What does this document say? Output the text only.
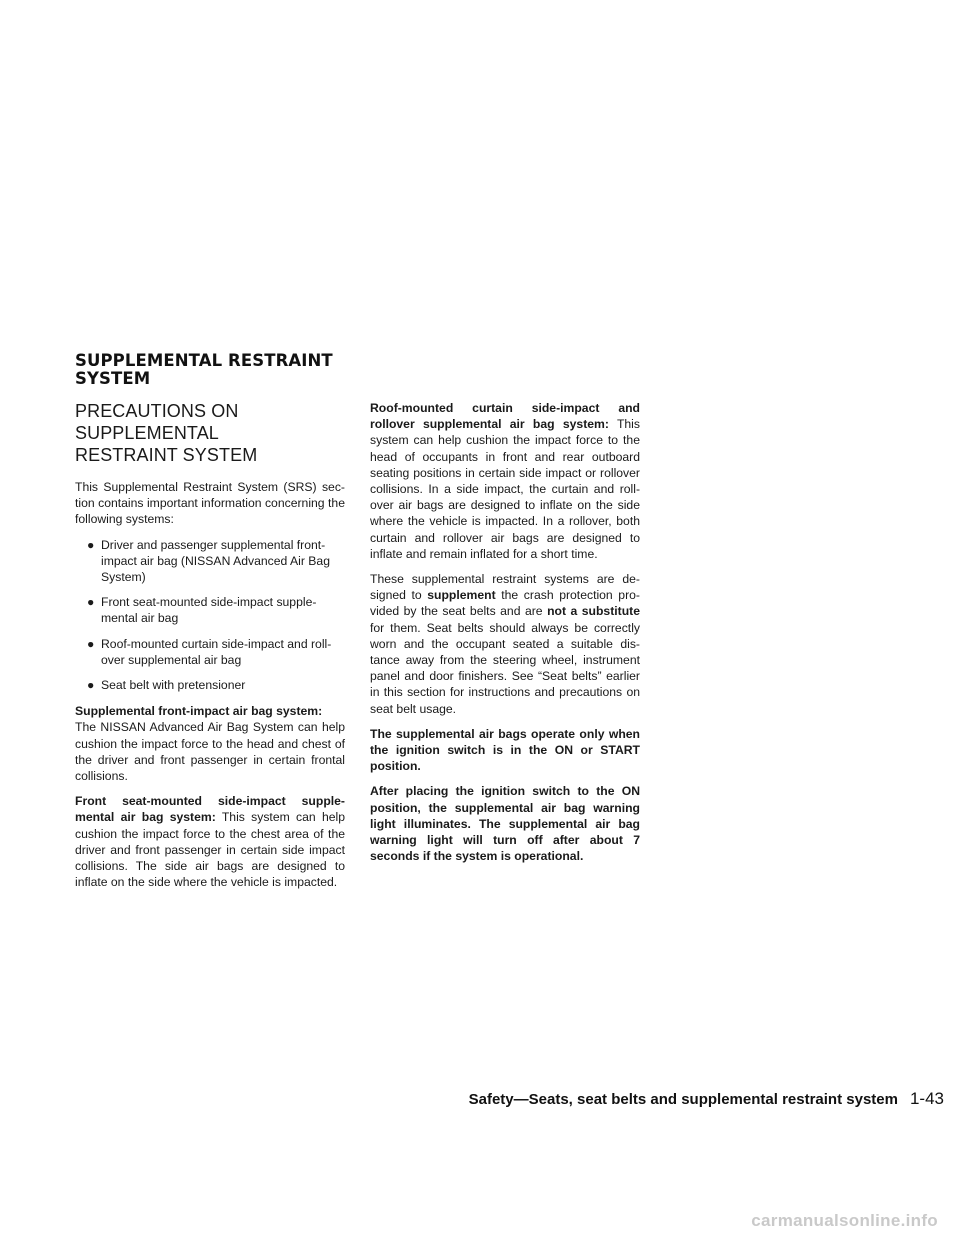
SUPPLEMENTAL RESTRAINT
SYSTEM
PRECAUTIONS ON SUPPLEMENTAL
RESTRAINT SYSTEM

This Supplemental Restraint System (SRS) sec-tion contains important information concerning the following systems:

● Driver and passenger supplemental front-impact air bag (NISSAN Advanced Air Bag System)
● Front seat-mounted side-impact supple-mental air bag
● Roof-mounted curtain side-impact and roll-over supplemental air bag
● Seat belt with pretensioner

Supplemental front-impact air bag system:
The NISSAN Advanced Air Bag System can help cushion the impact force to the head and chest of the driver and front passenger in certain frontal collisions.

Front seat-mounted side-impact supple-mental air bag system: This system can help cushion the impact force to the chest area of the driver and front passenger in certain side impact collisions. The side air bags are designed to inflate on the side where the vehicle is impacted.

Roof-mounted curtain side-impact and rollover supplemental air bag system: This system can help cushion the impact force to the head of occupants in front and rear outboard seating positions in certain side impact or rollover collisions. In a side impact, the curtain and roll-over air bags are designed to inflate on the side where the vehicle is impacted. In a rollover, both curtain and rollover air bags are designed to inflate and remain inflated for a short time.

These supplemental restraint systems are de-signed to supplement the crash protection pro-vided by the seat belts and are not a substitute for them. Seat belts should always be correctly worn and the occupant seated a suitable dis-tance away from the steering wheel, instrument panel and door finishers. See “Seat belts” earlier in this section for instructions and precautions on seat belt usage.

The supplemental air bags operate only when the ignition switch is in the ON or START position.

After placing the ignition switch to the ON position, the supplemental air bag warning light illuminates. The supplemental air bag warning light will turn off after about 7 seconds if the system is operational.

Safety—Seats, seat belts and supplemental restraint system 1-43
carmanualsonline.info
